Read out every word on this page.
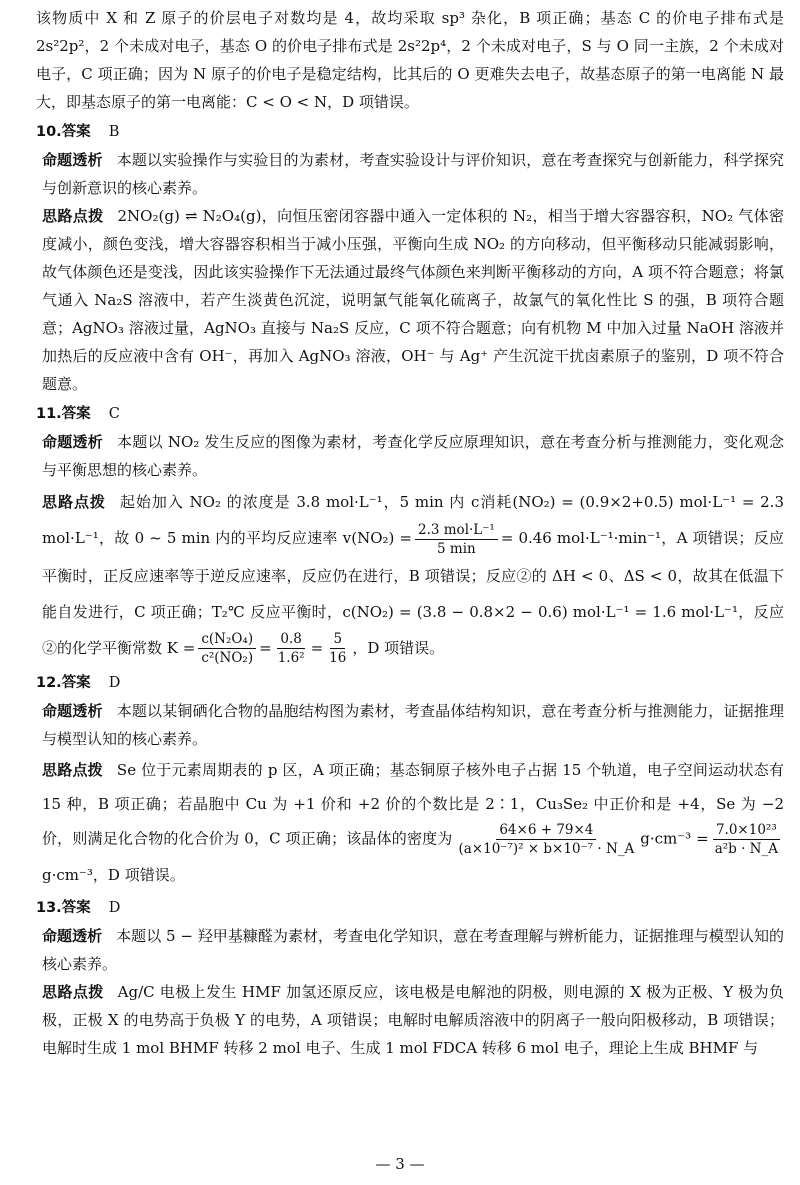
该物质中 X 和 Z 原子的价层电子对数均是 4，故均采取 sp³ 杂化，B 项正确；基态 C 的价电子排布式是 2s²2p²，2 个未成对电子，基态 O 的价电子排布式是 2s²2p⁴，2 个未成对电子，S 与 O 同一主族，2 个未成对电子，C 项正确；因为 N 原子的价电子是稳定结构，比其后的 O 更难失去电子，故基态原子的第一电离能 N 最大，即基态原子的第一电离能：C < O < N，D 项错误。

10.答案 B

命题透析 本题以实验操作与实验目的为素材，考查实验设计与评价知识，意在考查探究与创新能力，科学探究与创新意识的核心素养。

思路点拨 2NO₂(g) ⇌ N₂O₄(g)，向恒压密闭容器中通入一定体积的 N₂，相当于增大容器容积，NO₂ 气体密度减小，颜色变浅，增大容器容积相当于减小压强，平衡向生成 NO₂ 的方向移动，但平衡移动只能减弱影响，故气体颜色还是变浅，因此该实验操作下无法通过最终气体颜色来判断平衡移动的方向，A 项不符合题意；将氯气通入 Na₂S 溶液中，若产生淡黄色沉淀，说明氯气能氧化硫离子，故氯气的氧化性比 S 的强，B 项符合题意；AgNO₃ 溶液过量，AgNO₃ 直接与 Na₂S 反应，C 项不符合题意；向有机物 M 中加入过量 NaOH 溶液并加热后的反应液中含有 OH⁻，再加入 AgNO₃ 溶液，OH⁻ 与 Ag⁺ 产生沉淀干扰卤素原子的鉴别，D 项不符合题意。

11.答案 C

命题透析 本题以 NO₂ 发生反应的图像为素材，考查化学反应原理知识，意在考查分析与推测能力，变化观念与平衡思想的核心素养。

思路点拨 起始加入 NO₂ 的浓度是 3.8 mol·L⁻¹，5 min 内 c消耗(NO₂) = (0.9×2+0.5) mol·L⁻¹ = 2.3 mol·L⁻¹，故 0 ~ 5 min 内的平均反应速率 $v(NO_2) = \frac{\text{2.3 mol·L⁻¹}}{5 \min} = 0.46$ mol·L⁻¹·min⁻¹，A 项错误；反应平衡时，正反应速率等于逆反应速率，反应仍在进行，B 项错误；反应②的 ΔH < 0、ΔS < 0，故其在低温下能自发进行，C 项正确；T₂℃ 反应平衡时，c(NO₂) = (3.8 − 0.8×2 − 0.6) mol·L⁻¹ = 1.6 mol·L⁻¹，反应②的化学平衡常数 $K = \frac{\text{c(N₂O₄)}}{\text{c²(NO₂)}} = \frac{0.8}{\text{1.6²}} = \frac{5}{16}$ ，D 项错误。

12.答案 D

命题透析 本题以某铜硒化合物的晶胞结构图为素材，考查晶体结构知识，意在考查分析与推测能力，证据推理与模型认知的核心素养。

思路点拨 Se 位于元素周期表的 p 区，A 项正确；基态铜原子核外电子占据 15 个轨道，电子空间运动状态有 15 种，B 项正确；若晶胞中 Cu 为 +1 价和 +2 价的个数比是 2∶1，Cu₃Se₂ 中正价和是 +4，Se 为 −2 价，则满足化合物的化合价为 0，C 项正确；该晶体的密度为 $\frac{64\times 6 + 79\times 4}{\text{(a×10⁻⁷)² × b×10⁻⁷ · N\_A}} g\cdot cm^{-3} = \frac{\text{7.0×10²³}}{\text{a²b · N\_A}}$
g·cm⁻³，D 项错误。

13.答案 D

命题透析 本题以 5 − 羟甲基糠醛为素材，考查电化学知识，意在考查理解与辨析能力，证据推理与模型认知的核心素养。

思路点拨 Ag/C 电极上发生 HMF 加氢还原反应，该电极是电解池的阴极，则电源的 X 极为正极、Y 极为负极，正极 X 的电势高于负极 Y 的电势，A 项错误；电解时电解质溶液中的阴离子一般向阳极移动，B 项错误；电解时生成 1 mol BHMF 转移 2 mol 电子、生成 1 mol FDCA 转移 6 mol 电子，理论上生成 BHMF 与

— 3 —
